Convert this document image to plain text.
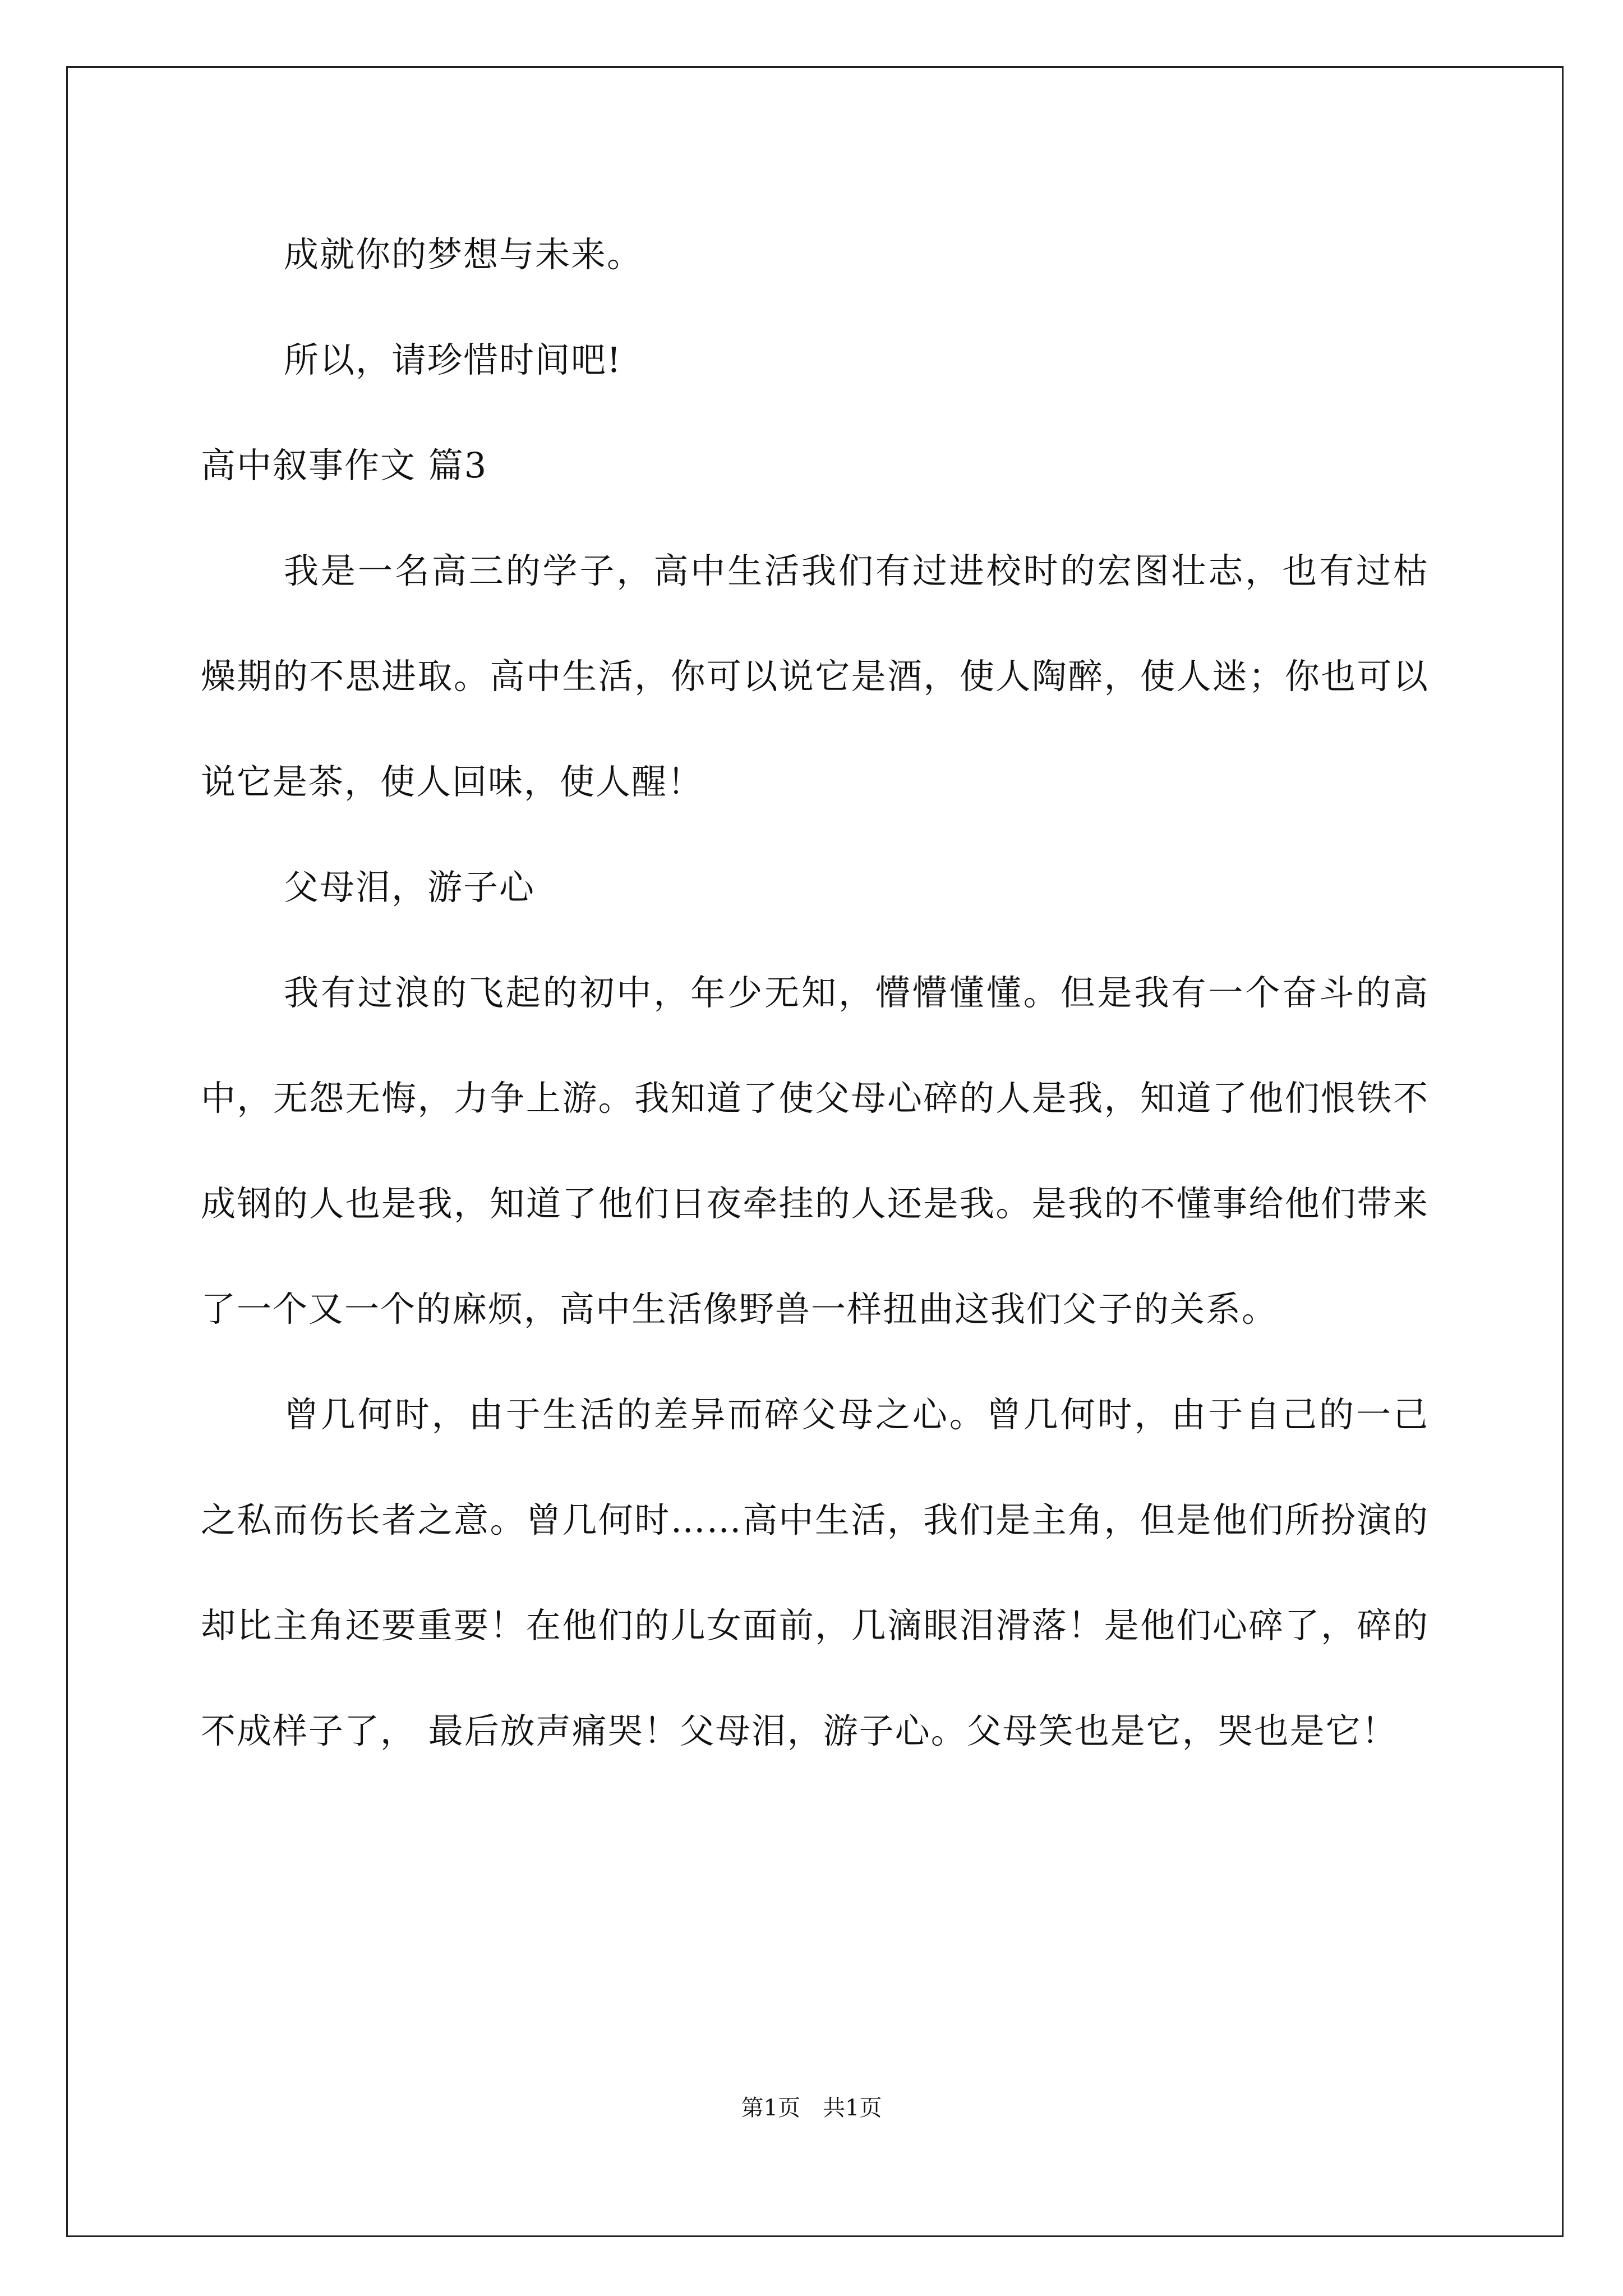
成就你的梦想与未来。

所以，请珍惜时间吧!

高中叙事作文 篇3

我是一名高三的学子，高中生活我们有过进校时的宏图壮志，也有过枯燥期的不思进取。高中生活，你可以说它是酒，使人陶醉，使人迷；你也可以说它是茶，使人回味，使人醒！

父母泪，游子心

我有过浪的飞起的初中，年少无知，懵懵懂懂。但是我有一个奋斗的高中，无怨无悔，力争上游。我知道了使父母心碎的人是我，知道了他们恨铁不成钢的人也是我，知道了他们日夜牵挂的人还是我。是我的不懂事给他们带来了一个又一个的麻烦，高中生活像野兽一样扭曲这我们父子的关系。

曾几何时，由于生活的差异而碎父母之心。曾几何时，由于自己的一己之私而伤长者之意。曾几何时……高中生活，我们是主角，但是他们所扮演的却比主角还要重要！在他们的儿女面前，几滴眼泪滑落！是他们心碎了，碎的不成样子了， 最后放声痛哭！父母泪，游子心。父母笑也是它，哭也是它！

第1页　共1页
